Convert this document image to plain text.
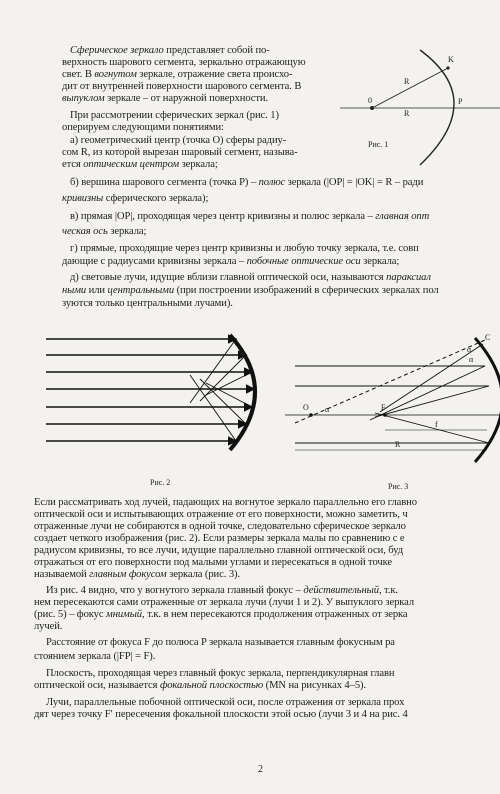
Сферическое зеркало представляет собой по-
верхность шарового сегмента, зеркально отражающую
свет. В вогнутом зеркале, отражение света происхо-
дит от внутренней поверхности шарового сегмента. В
выпуклом зеркале – от наружной поверхности.
При рассмотрении сферических зеркал (рис. 1)
оперируем следующими понятиями:
а) геометрический центр (точка O) сферы радиу-
сом R, из которой вырезан шаровый сегмент, называ-
ется оптическим центром зеркала;
б) вершина шарового сегмента (точка P) – полюс зеркала (|OP| = |OK| = R – ради
кривизны сферического зеркала);
в) прямая |OP|, проходящая через центр кривизны и полюс зеркала – главная опт
ческая ось зеркала;
г) прямые, проходящие через центр кривизны и любую точку зеркала, т.е. совп
дающие с радиусами кривизны зеркала – побочные оптические оси зеркала;
д) световые лучи, идущие вблизи главной оптической оси, называются параксиал
ными или центральными (при построении изображений в сферических зеркалах пол
зуются только центральными лучами).
K
R
R
0	P
Рис. 1
Рис. 2
C
α
α
O α	F
f
R
Рис. 3
Если рассматривать ход лучей, падающих на вогнутое зеркало параллельно его главно
оптической оси и испытывающих отражение от его поверхности, можно заметить, ч
отраженные лучи не собираются в одной точке, следовательно сферическое зеркало
создает четкого изображения (рис. 2). Если размеры зеркала малы по сравнению с е
радиусом кривизны, то все лучи, идущие параллельно главной оптической оси, буд
отражаться от его поверхности под малыми углами и пересекаться в одной точке
называемой главным фокусом зеркала (рис. 3).
Из рис. 4 видно, что у вогнутого зеркала главный фокус – действительный, т.к.
нем пересекаются сами отраженные от зеркала лучи (лучи 1 и 2). У выпуклого зеркал
(рис. 5) – фокус мнимый, т.к. в нем пересекаются продолжения отраженных от зерка
лучей.
Расстояние от фокуса F до полюса P зеркала называется главным фокусным ра
стоянием зеркала (|FP| = F).
Плоскость, проходящая через главный фокус зеркала, перпендикулярная главн
оптической оси, называется фокальной плоскостью (MN на рисунках 4–5).
Лучи, параллельные побочной оптической оси, после отражения от зеркала прох
дят через точку F′ пересечения фокальной плоскости этой осью (лучи 3 и 4 на рис. 4
2
